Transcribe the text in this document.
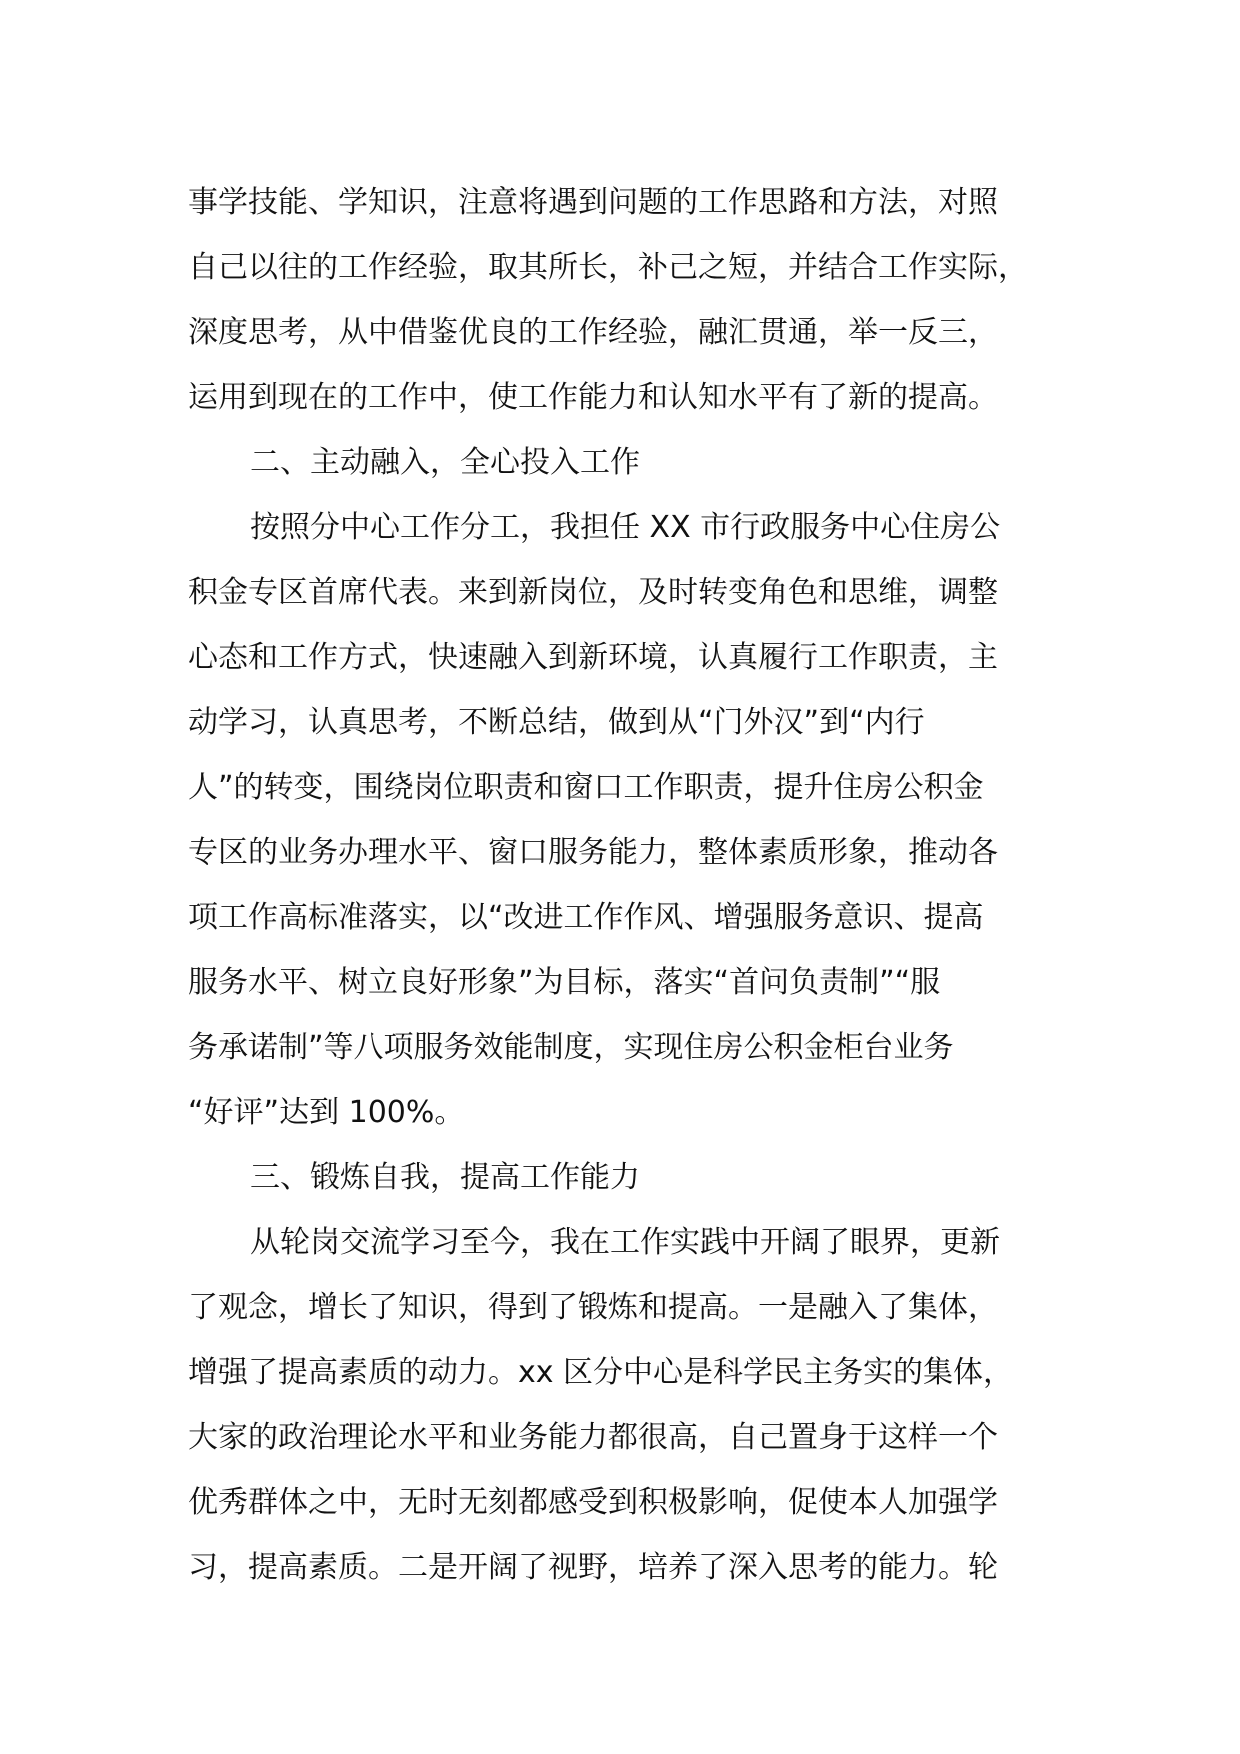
事学技能、学知识，注意将遇到问题的工作思路和方法，对照
自己以往的工作经验，取其所长，补己之短，并结合工作实际，
深度思考，从中借鉴优良的工作经验，融汇贯通，举一反三，
运用到现在的工作中，使工作能力和认知水平有了新的提高。
二、主动融入，全心投入工作
按照分中心工作分工，我担任 XX 市行政服务中心住房公
积金专区首席代表。来到新岗位，及时转变角色和思维，调整
心态和工作方式，快速融入到新环境，认真履行工作职责，主
动学习，认真思考，不断总结，做到从“门外汉”到“内行
人”的转变，围绕岗位职责和窗口工作职责，提升住房公积金
专区的业务办理水平、窗口服务能力，整体素质形象，推动各
项工作高标准落实，以“改进工作作风、增强服务意识、提高
服务水平、树立良好形象”为目标，落实“首问负责制”“服
务承诺制”等八项服务效能制度，实现住房公积金柜台业务
“好评”达到 100%。
三、锻炼自我，提高工作能力
从轮岗交流学习至今，我在工作实践中开阔了眼界，更新
了观念，增长了知识，得到了锻炼和提高。一是融入了集体，
增强了提高素质的动力。xx 区分中心是科学民主务实的集体，
大家的政治理论水平和业务能力都很高，自己置身于这样一个
优秀群体之中，无时无刻都感受到积极影响，促使本人加强学
习，提高素质。二是开阔了视野，培养了深入思考的能力。轮
